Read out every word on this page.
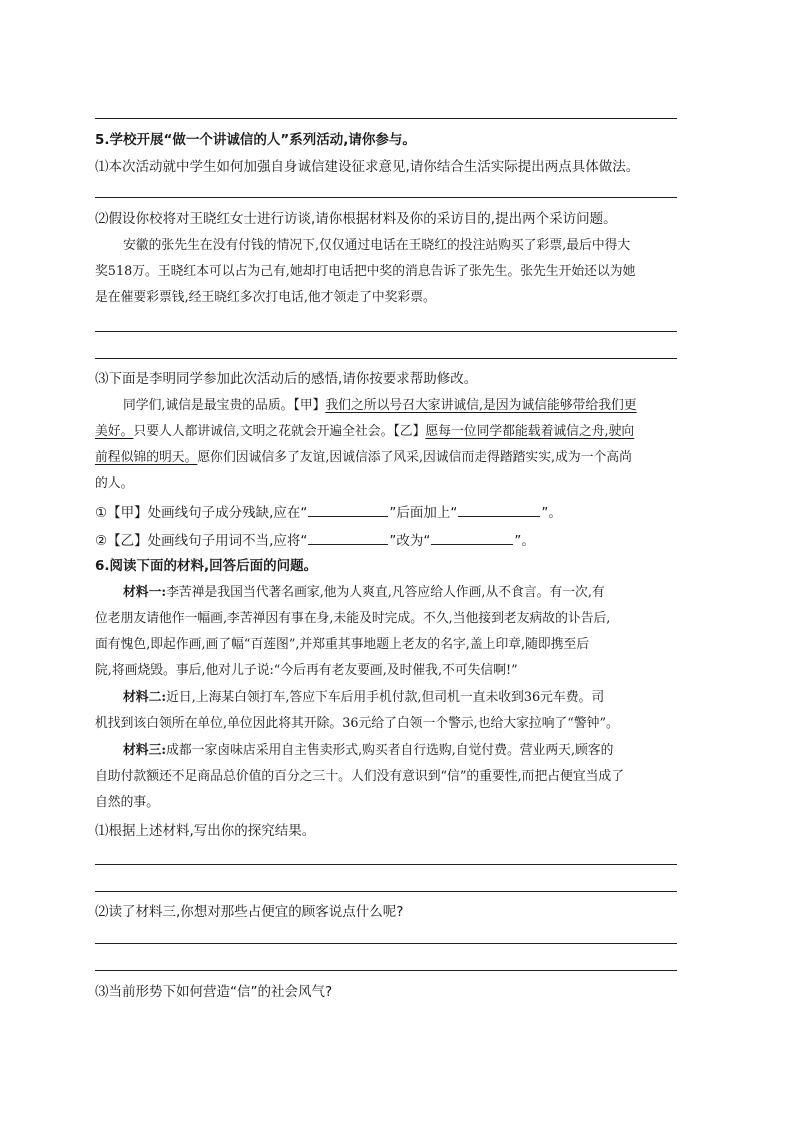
5.学校开展“做一个讲诚信的人”系列活动,请你参与。
⑴本次活动就中学生如何加强自身诚信建设征求意见,请你结合生活实际提出两点具体做法。
⑵假设你校将对王晓红女士进行访谈,请你根据材料及你的采访目的,提出两个采访问题。
安徽的张先生在没有付钱的情况下,仅仅通过电话在王晓红的投注站购买了彩票,最后中得大
奖518万。王晓红本可以占为己有,她却打电话把中奖的消息告诉了张先生。张先生开始还以为她
是在催要彩票钱,经王晓红多次打电话,他才领走了中奖彩票。
⑶下面是李明同学参加此次活动后的感悟,请你按要求帮助修改。
同学们,诚信是最宝贵的品质。【甲】我们之所以号召大家讲诚信,是因为诚信能够带给我们更
美好。只要人人都讲诚信,文明之花就会开遍全社会。【乙】愿每一位同学都能载着诚信之舟,驶向
前程似锦的明天。愿你们因诚信多了友谊,因诚信添了风采,因诚信而走得踏踏实实,成为一个高尚
的人。
①【甲】处画线句子成分残缺,应在“	”后面加上“	”。
②【乙】处画线句子用词不当,应将“	”改为“	”。
6.阅读下面的材料,回答后面的问题。
材料一:李苦禅是我国当代著名画家,他为人爽直,凡答应给人作画,从不食言。有一次,有
位老朋友请他作一幅画,李苦禅因有事在身,未能及时完成。不久,当他接到老友病故的讣告后,
面有愧色,即起作画,画了幅“百莲图”,并郑重其事地题上老友的名字,盖上印章,随即携至后
院,将画烧毁。事后,他对儿子说:“今后再有老友要画,及时催我,不可失信啊!”
材料二:近日,上海某白领打车,答应下车后用手机付款,但司机一直未收到36元车费。司
机找到该白领所在单位,单位因此将其开除。36元给了白领一个警示,也给大家拉响了“警钟”。
材料三:成都一家卤味店采用自主售卖形式,购买者自行选购,自觉付费。营业两天,顾客的
自助付款额还不足商品总价值的百分之三十。人们没有意识到“信”的重要性,而把占便宜当成了
自然的事。
⑴根据上述材料,写出你的探究结果。
⑵读了材料三,你想对那些占便宜的顾客说点什么呢?
⑶当前形势下如何营造“信”的社会风气?
